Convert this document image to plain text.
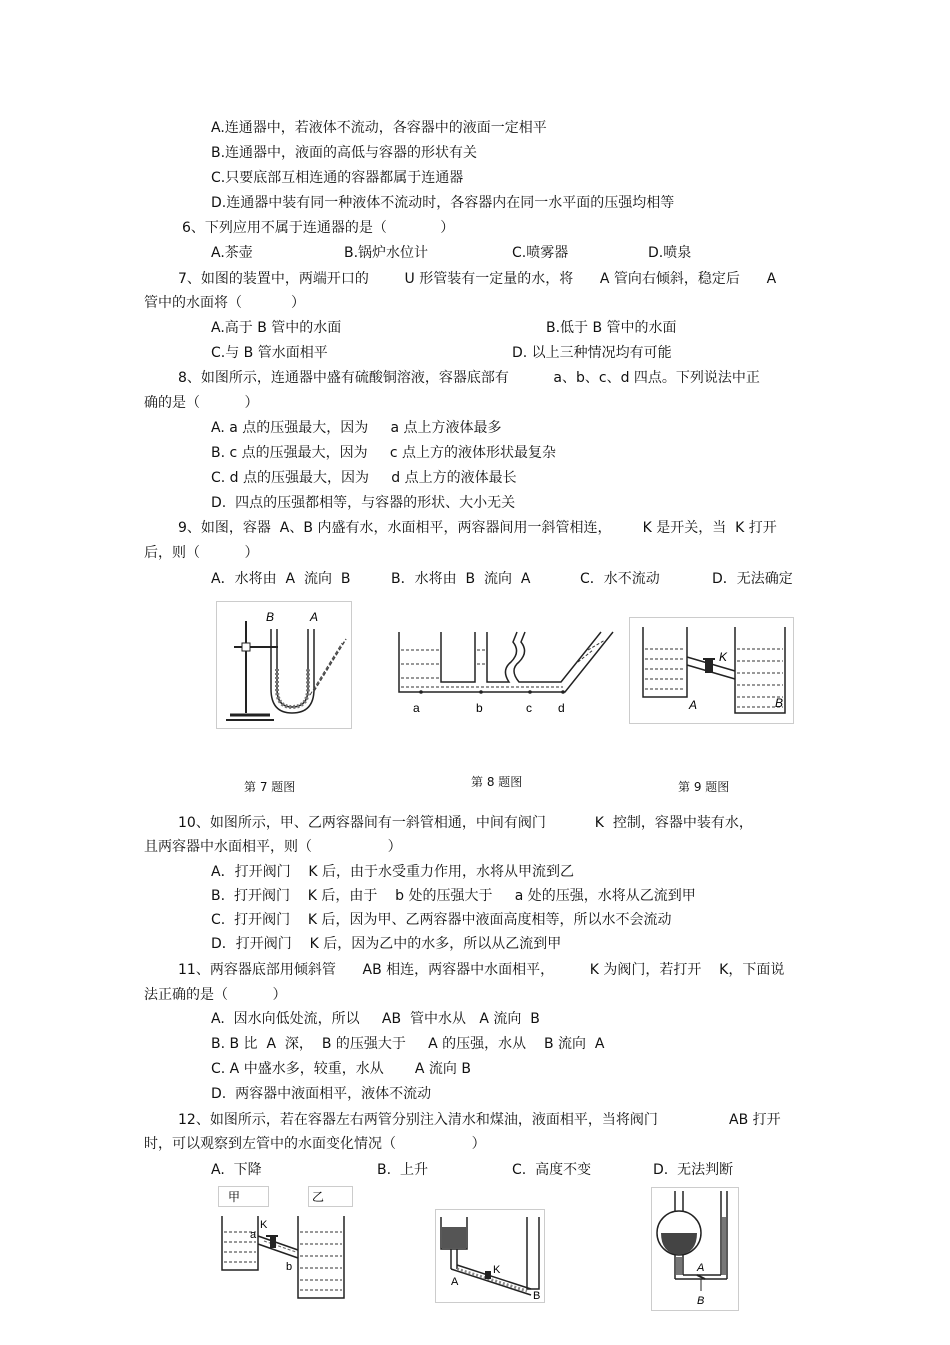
A.连通器中，若液体不流动，各容器中的液面一定相平
B.连通器中，液面的高低与容器的形状有关
C.只要底部互相连通的容器都属于连通器
D.连通器中装有同一种液体不流动时，各容器内在同一水平面的压强均相等
6、下列应用不属于连通器的是（            ）
A.茶壶	B.锅炉水位计	C.喷雾器	D.喷泉
7、如图的装置中，两端开口的        U 形管装有一定量的水，将      A 管向右倾斜，稳定后      A
管中的水面将（           ）
A.高于 B 管中的水面	B.低于 B 管中的水面
C.与 B 管水面相平	D. 以上三种情况均有可能
8、如图所示，连通器中盛有硫酸铜溶液，容器底部有          a、b、c、d 四点。下列说法中正
确的是（          ）
A. a 点的压强最大，因为     a 点上方液体最多
B. c 点的压强最大，因为     c 点上方的液体形状最复杂
C. d 点的压强最大，因为     d 点上方的液体最长
D.  四点的压强都相等，与容器的形状、大小无关
9、如图，容器  A、B 内盛有水，水面相平，两容器间用一斜管相连，       K 是开关，当  K 打开
后，则（          ）
A．水将由  A  流向  B	B．水将由  B  流向  A	C．水不流动	D．无法确定
B	A
a	b	c d
K
A	B
第 7 题图	第 8 题图	第 9 题图
10、如图所示，甲、乙两容器间有一斜管相通，中间有阀门           K  控制，容器中装有水，
且两容器中水面相平，则（                 ）
A．打开阀门    K 后，由于水受重力作用，水将从甲流到乙
B.  打开阀门    K 后，由于    b 处的压强大于     a 处的压强，水将从乙流到甲
C.  打开阀门    K 后，因为甲、乙两容器中液面高度相等，所以水不会流动
D．打开阀门    K 后，因为乙中的水多，所以从乙流到甲
11、两容器底部用倾斜管      AB 相连，两容器中水面相平，        K 为阀门，若打开    K，下面说
法正确的是（          ）
A.  因水向低处流，所以     AB  管中水从   A 流向  B
B. B 比  A  深，  B 的压强大于     A 的压强，水从    B 流向  A
C. A 中盛水多，较重，水从       A 流向 B
D.  两容器中液面相平，液体不流动
12、如图所示，若在容器左右两管分别注入清水和煤油，液面相平，当将阀门                AB 打开
时，可以观察到左管中的水面变化情况（                 ）
A.  下降	B.  上升	C.  高度不变	D.  无法判断
甲	乙
K
a
b	K
A
B
A
B
